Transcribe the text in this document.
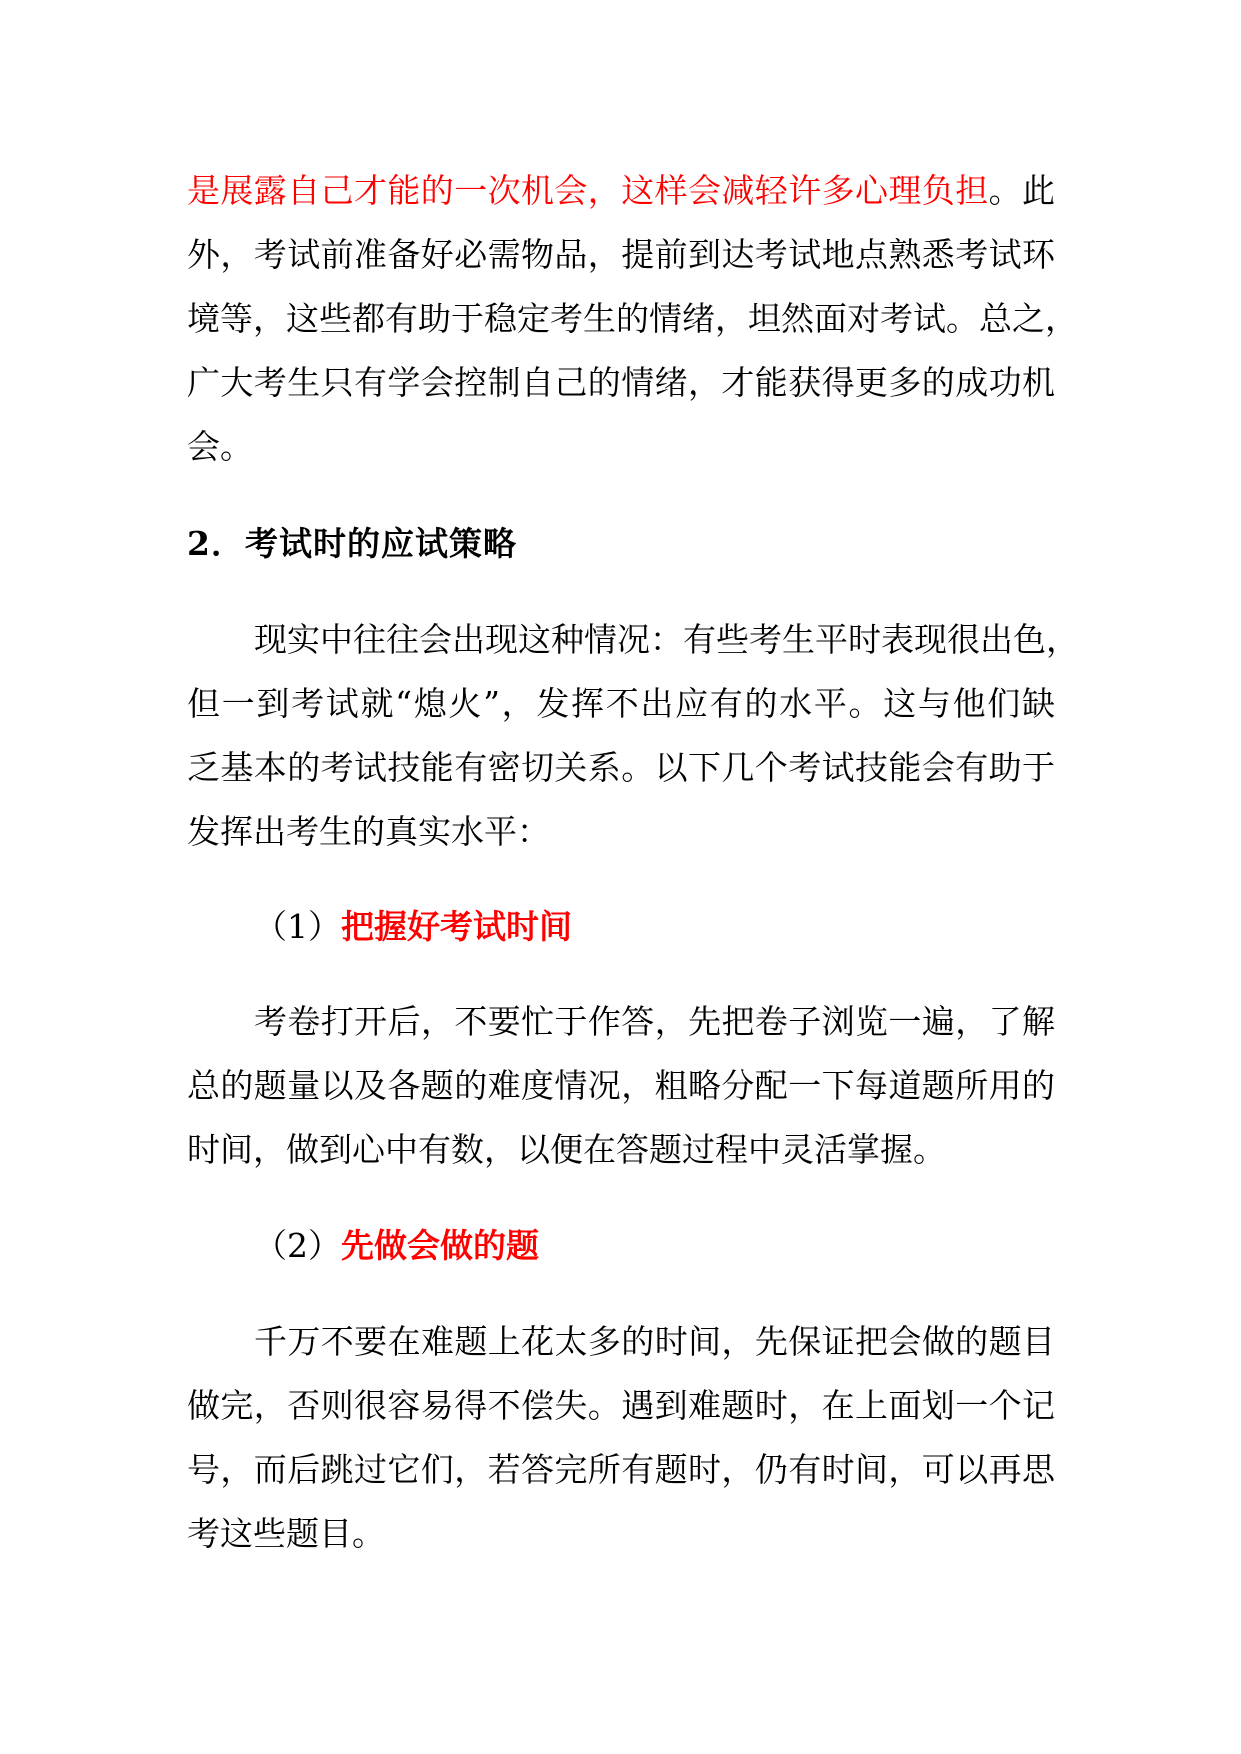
是展露自己才能的一次机会，这样会减轻许多心理负担。此
外，考试前准备好必需物品，提前到达考试地点熟悉考试环
境等，这些都有助于稳定考生的情绪，坦然面对考试。总之，
广大考生只有学会控制自己的情绪，才能获得更多的成功机
会。
2．考试时的应试策略
现实中往往会出现这种情况：有些考生平时表现很出色，
但一到考试就“熄火”，发挥不出应有的水平。这与他们缺
乏基本的考试技能有密切关系。以下几个考试技能会有助于
发挥出考生的真实水平：
（1）把握好考试时间
考卷打开后，不要忙于作答，先把卷子浏览一遍，了解
总的题量以及各题的难度情况，粗略分配一下每道题所用的
时间，做到心中有数，以便在答题过程中灵活掌握。
（2）先做会做的题
千万不要在难题上花太多的时间，先保证把会做的题目
做完，否则很容易得不偿失。遇到难题时，在上面划一个记
号，而后跳过它们，若答完所有题时，仍有时间，可以再思
考这些题目。
